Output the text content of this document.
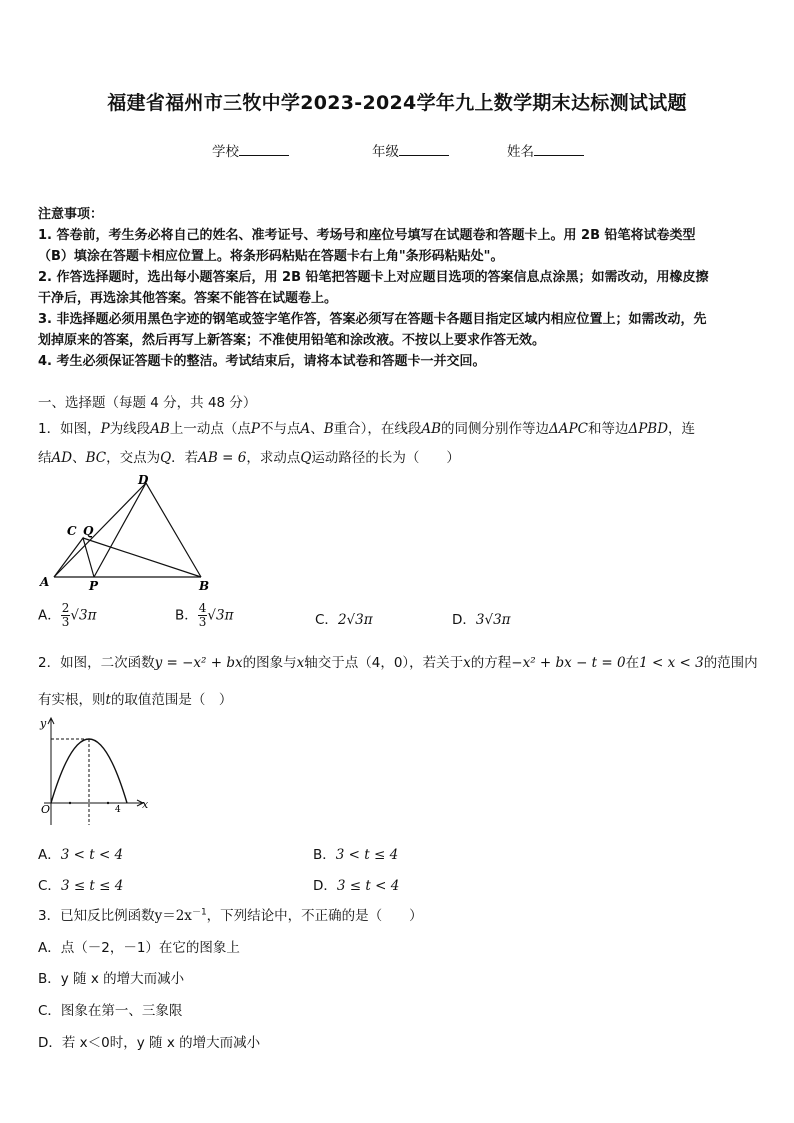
福建省福州市三牧中学2023-2024学年九上数学期末达标测试试题
学校	年级	姓名
注意事项：
1. 答卷前，考生务必将自己的姓名、准考证号、考场号和座位号填写在试题卷和答题卡上。用 2B 铅笔将试卷类型
（B）填涂在答题卡相应位置上。将条形码粘贴在答题卡右上角"条形码粘贴处"。
2. 作答选择题时，选出每小题答案后，用 2B 铅笔把答题卡上对应题目选项的答案信息点涂黑；如需改动，用橡皮擦
干净后，再选涂其他答案。答案不能答在试题卷上。
3. 非选择题必须用黑色字迹的钢笔或签字笔作答，答案必须写在答题卡各题目指定区域内相应位置上；如需改动，先
划掉原来的答案，然后再写上新答案；不准使用铅笔和涂改液。不按以上要求作答无效。
4. 考生必须保证答题卡的整洁。考试结束后，请将本试卷和答题卡一并交回。
一、选择题（每题 4 分，共 48 分）
1．如图，P为线段AB上一动点（点P不与点A、B重合），在线段AB的同侧分别作等边ΔAPC和等边ΔPBD，连
结AD、BC，交点为Q．若AB = 6，求动点Q运动路径的长为（　　）
D
C Q
A	P	B
A． $\frac{2}{3} √3\pi$	B． $\frac{4}{3} √3\pi$	C．2√3π	D．3√3π
2．如图，二次函数y = −x² + bx的图象与x轴交于点（4，0），若关于x的方程−x² + bx − t = 0在1 < x < 3的范围内
有实根，则t的取值范围是（　）
y
x
O	4
A．3 < t < 4	B．3 < t ≤ 4
C．3 ≤ t ≤ 4	D．3 ≤ t < 4
3．已知反比例函数$y=2x^{-1}$，下列结论中，不正确的是（　　）
A．点（－2，－1）在它的图象上
B．y 随 x 的增大而减小
C．图象在第一、三象限
D．若 x＜0时，y 随 x 的增大而减小
